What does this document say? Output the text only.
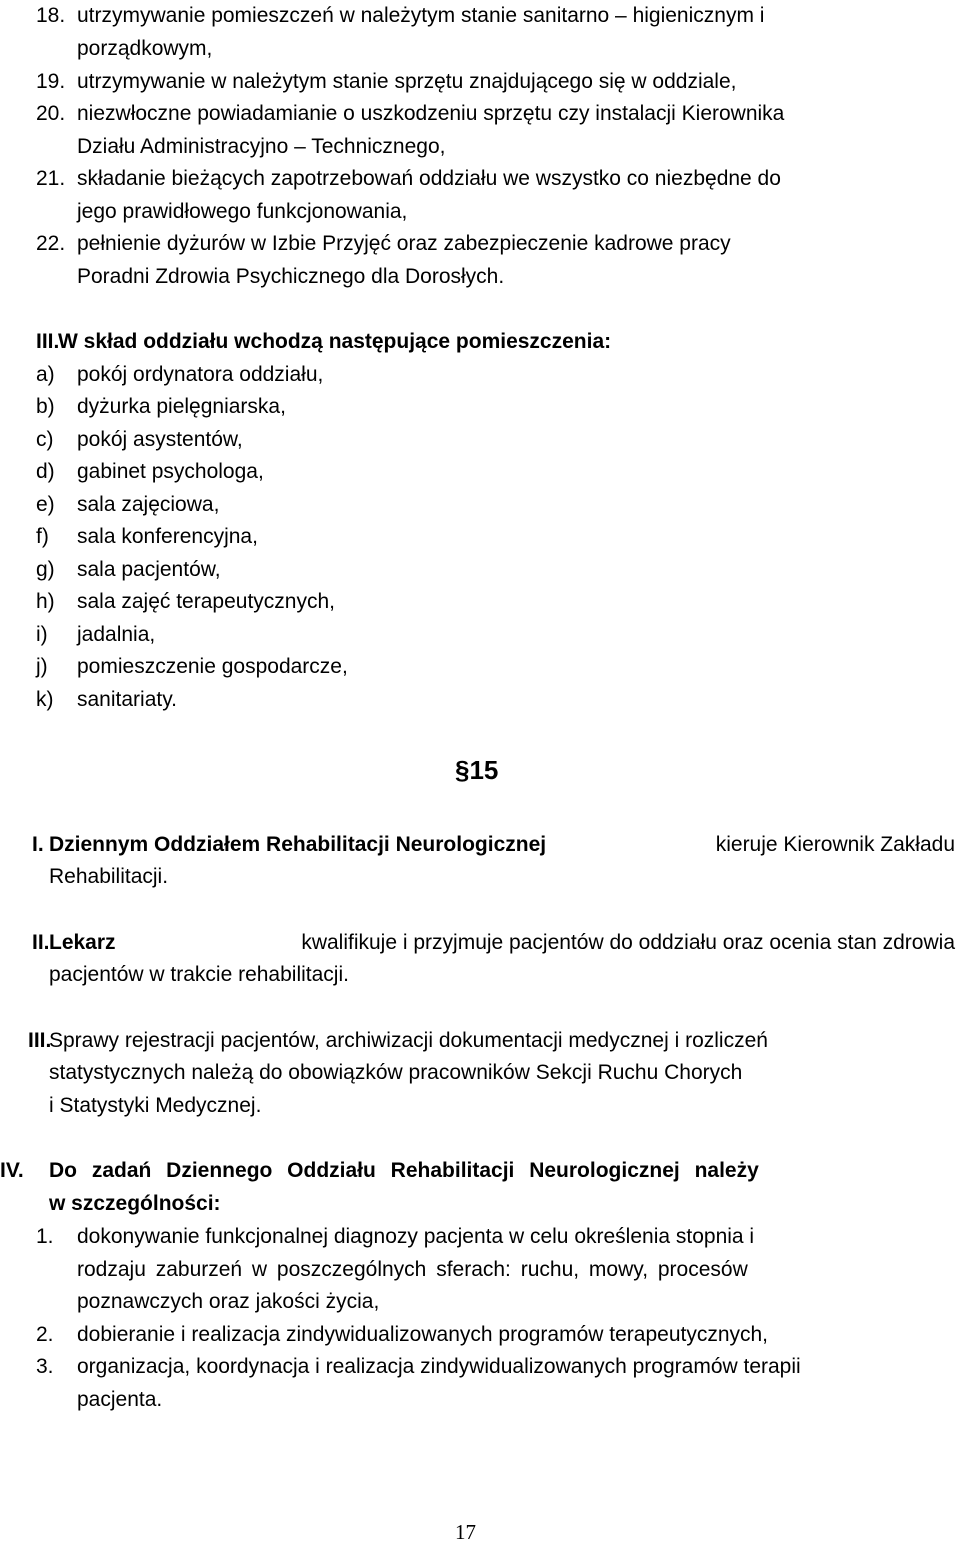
18. utrzymywanie pomieszczeń w należytym stanie sanitarno – higienicznym i
porządkowym,
19. utrzymywanie w należytym stanie sprzętu znajdującego się w oddziale,
20. niezwłoczne powiadamianie o uszkodzeniu sprzętu czy instalacji Kierownika
Działu Administracyjno – Technicznego,
21. składanie bieżących zapotrzebowań oddziału we wszystko co niezbędne do
jego prawidłowego funkcjonowania,
22. pełnienie dyżurów w Izbie Przyjęć oraz zabezpieczenie kadrowe pracy
Poradni Zdrowia Psychicznego dla Dorosłych.
III.
W skład oddziału wchodzą następujące pomieszczenia:
a) pokój ordynatora oddziału,
b) dyżurka pielęgniarska,
c) pokój asystentów,
d) gabinet psychologa,
e) sala zajęciowa,
f) sala konferencyjna,
g) sala pacjentów,
h) sala zajęć terapeutycznych,
i) jadalnia,
j) pomieszczenie gospodarcze,
k) sanitariaty.
§15
I. Dziennym Oddziałem Rehabilitacji Neurologicznej	kieruje Kierownik Zakładu
Rehabilitacji.
II. Lekarz	kwalifikuje i przyjmuje pacjentów do oddziału oraz ocenia stan zdrowia
pacjentów w trakcie rehabilitacji.
III.
Sprawy rejestracji pacjentów, archiwizacji dokumentacji medycznej i rozliczeń
statystycznych należą do obowiązków pracowników Sekcji Ruchu Chorych
i Statystyki Medycznej.
IV. Do zadań Dziennego Oddziału Rehabilitacji Neurologicznej należy
w szczególności:
1. dokonywanie funkcjonalnej diagnozy pacjenta w celu określenia stopnia i
rodzaju zaburzeń w poszczególnych sferach: ruchu, mowy, procesów
poznawczych oraz jakości życia,
2. dobieranie i realizacja zindywidualizowanych programów terapeutycznych,
3. organizacja, koordynacja i realizacja zindywidualizowanych programów terapii
pacjenta.
17
